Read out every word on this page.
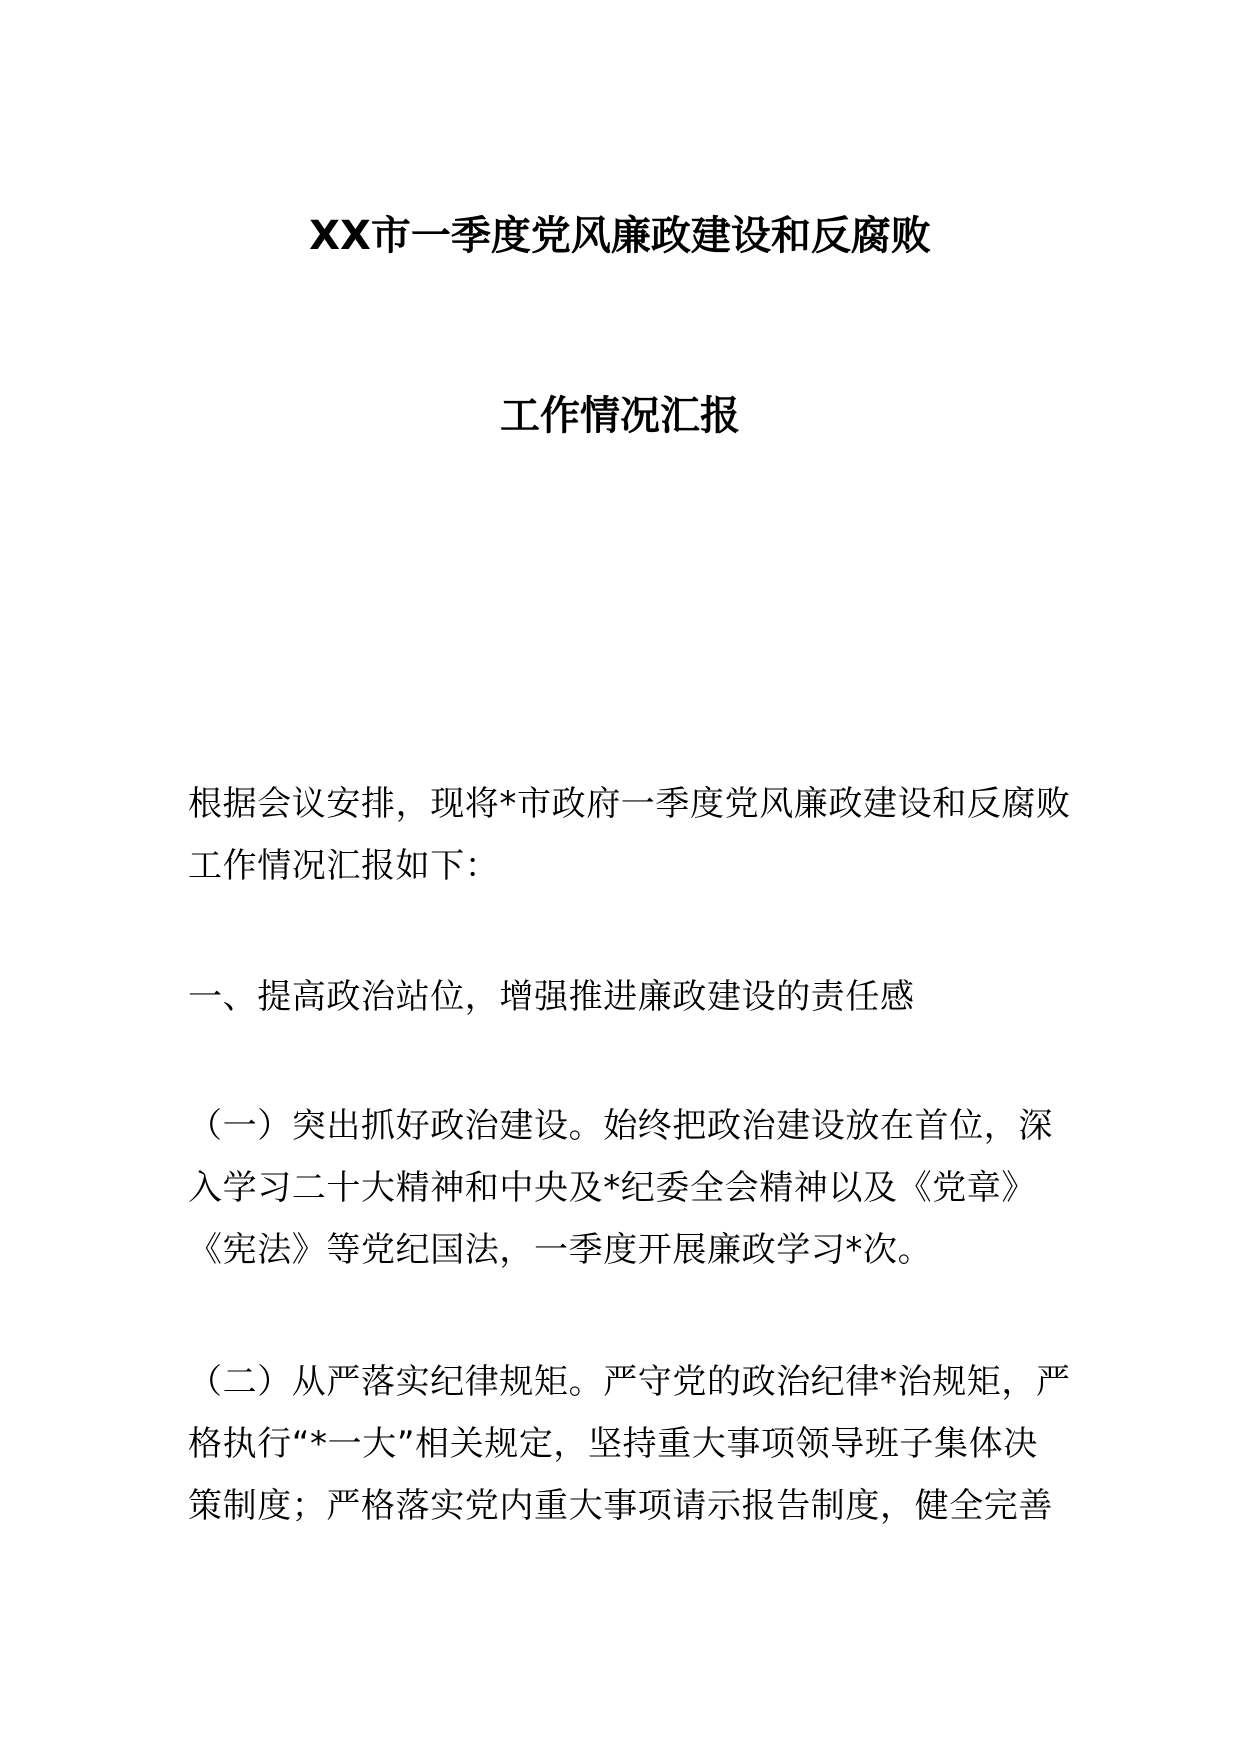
XX市一季度党风廉政建设和反腐败
工作情况汇报
根据会议安排，现将*市政府一季度党风廉政建设和反腐败
工作情况汇报如下：
一、提高政治站位，增强推进廉政建设的责任感
（一）突出抓好政治建设。始终把政治建设放在首位，深
入学习二十大精神和中央及*纪委全会精神以及《党章》
《宪法》等党纪国法，一季度开展廉政学习*次。
（二）从严落实纪律规矩。严守党的政治纪律*治规矩，严
格执行“*一大”相关规定，坚持重大事项领导班子集体决
策制度；严格落实党内重大事项请示报告制度，健全完善
